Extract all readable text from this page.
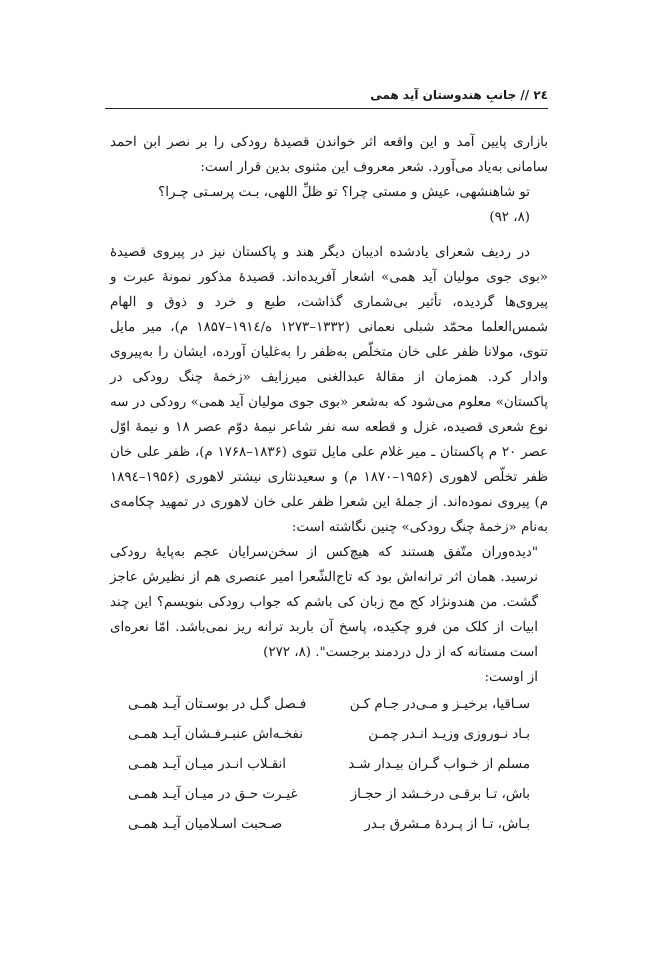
۲٤ // جانبِ هندوستان آید همی

بازاری پایین آمد و این واقعه اثر خواندن قصیدهٔ رودکی را بر نصر ابن احمد سامانی به‌یاد می‌آورد. شعر معروف این مثنوی بدین قرار است:

تو شاهنشهی، عیش و مستی چرا؟ تو ظلِّ اللهی، بـت پرسـتی چـرا؟

(۸، ۹۲)

در ردیف شعرای یادشده ادیبان دیگر هند و پاکستان نیز در پیروی قصیدهٔ «بوی جوی مولیان آید همی» اشعار آفریده‌اند. قصیدهٔ مذکور نمونهٔ عبرت و پیروی‌ها گردیده، تأثیر بی‌شماری گذاشت، طبع و خرد و ذوق و الهام شمس‌العلما محمّد شبلی نعمانی (۱۳۳۲–۱۲۷۳ ه/۱۹۱٤–۱۸۵۷ م)، میر مایل تتوی، مولانا ظفر علی خان متخلّص به‌ظفر را به‌غلیان آورده، ایشان را به‌پیروی وادار کرد. همزمان از مقالهٔ عبدالغنی میرزایف «زخمهٔ چنگ رودکی در پاکستان» معلوم می‌شود که به‌شعر «بوی جوی مولیان آید همی» رودکی در سه نوع شعری قصیده، غزل و قطعه سه نفر شاعر نیمهٔ دوّم عصر ۱۸ و نیمهٔ اوّل عصر ۲۰ م پاکستان ـ میر غلام علی مایل تتوی (۱۸۳۶–۱۷۶۸ م)، ظفر علی خان ظفر تخلّص لاهوری (۱۹۵۶–۱۸۷۰ م) و سعیدنثاری نیشتر لاهوری (۱۹۵۶–۱۸۹٤ م) پیروی نموده‌اند. از جملهٔ این شعرا ظفر علی خان لاهوری در تمهید چکامه‌ی به‌نام «زخمهٔ چنگ رودکی» چنین نگاشته است:

"دیده‌وران متّفق هستند که هیچ‌کس از سخن‌سرایان عجم به‌پایهٔ رودکی نرسید. همان اثر ترانه‌اش بود که تاج‌الشّعرا امیر عنصری هم از نظیرش عاجز گشت. من هندونژاد کج مج زبان کی باشم که جواب رودکی بنویسم؟ این چند ابیات از کلک من فرو چکیده، پاسخ آن باربد ترانه ریز نمی‌باشد. امّا نعره‌ای است مستانه که از دل دردمند برجست". (۸، ۲۷۲)

از اوست:

سـاقیا، برخیـز و مـی‌در جـام کـن
فـصل گـل در بوسـتان آیـد همـی
بـاد نـوروزی وزیـد انـدر چمـن
نفخـه‌اش عنبـرفـشان آیـد همـی
مسلم از خـواب گـران بیـدار شـد
انقـلاب انـدر میـان آیـد همـی
باش، تـا برقـی درخـشد از حجـاز
غیـرت حـق در میـان آیـد همـی
بـاش، تـا از پـردهٔ مـشرق بـدر
صـحبت اسـلامیان آیـد همـی
